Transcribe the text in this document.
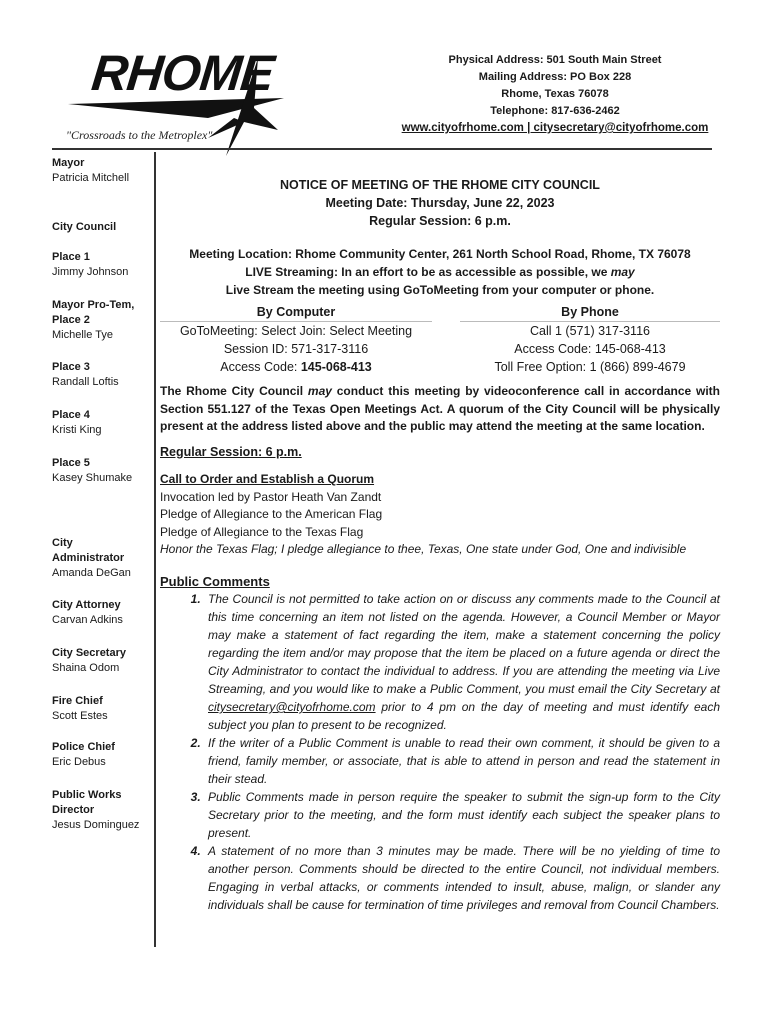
RHOME
"Crossroads to the Metroplex"
Physical Address: 501 South Main Street
Mailing Address: PO Box 228
Rhome, Texas 76078
Telephone: 817-636-2462
www.cityofrhome.com | citysecretary@cityofrhome.com
Mayor
Patricia Mitchell
City Council
Place 1
Jimmy Johnson
Mayor Pro-Tem,
Place 2
Michelle Tye
Place 3
Randall Loftis
Place 4
Kristi King
Place 5
Kasey Shumake
City
Administrator
Amanda DeGan
City Attorney
Carvan Adkins
City Secretary
Shaina Odom
Fire Chief
Scott Estes
Police Chief
Eric Debus
Public Works
Director
Jesus Dominguez
NOTICE OF MEETING OF THE RHOME CITY COUNCIL
Meeting Date: Thursday, June 22, 2023
Regular Session: 6 p.m.
Meeting Location: Rhome Community Center, 261 North School Road, Rhome, TX 76078
LIVE Streaming: In an effort to be as accessible as possible, we may
Live Stream the meeting using GoToMeeting from your computer or phone.
By Computer
GoToMeeting: Select Join: Select Meeting
Session ID: 571-317-3116
Access Code: 145-068-413
By Phone
Call 1 (571) 317-3116
Access Code: 145-068-413
Toll Free Option: 1 (866) 899-4679
The Rhome City Council may conduct this meeting by videoconference call in accordance with Section 551.127 of the Texas Open Meetings Act. A quorum of the City Council will be physically present at the address listed above and the public may attend the meeting at the same location.
Regular Session: 6 p.m.
Call to Order and Establish a Quorum
Invocation led by Pastor Heath Van Zandt
Pledge of Allegiance to the American Flag
Pledge of Allegiance to the Texas Flag
Honor the Texas Flag; I pledge allegiance to thee, Texas, One state under God, One and indivisible
Public Comments
1. The Council is not permitted to take action on or discuss any comments made to the Council at this time concerning an item not listed on the agenda. However, a Council Member or Mayor may make a statement of fact regarding the item, make a statement concerning the policy regarding the item and/or may propose that the item be placed on a future agenda or direct the City Administrator to contact the individual to address. If you are attending the meeting via Live Streaming, and you would like to make a Public Comment, you must email the City Secretary at citysecretary@cityofrhome.com prior to 4 pm on the day of meeting and must identify each subject you plan to present to be recognized.
2. If the writer of a Public Comment is unable to read their own comment, it should be given to a friend, family member, or associate, that is able to attend in person and read the statement in their stead.
3. Public Comments made in person require the speaker to submit the sign-up form to the City Secretary prior to the meeting, and the form must identify each subject the speaker plans to present.
4. A statement of no more than 3 minutes may be made. There will be no yielding of time to another person. Comments should be directed to the entire Council, not individual members. Engaging in verbal attacks, or comments intended to insult, abuse, malign, or slander any individuals shall be cause for termination of time privileges and removal from Council Chambers.
